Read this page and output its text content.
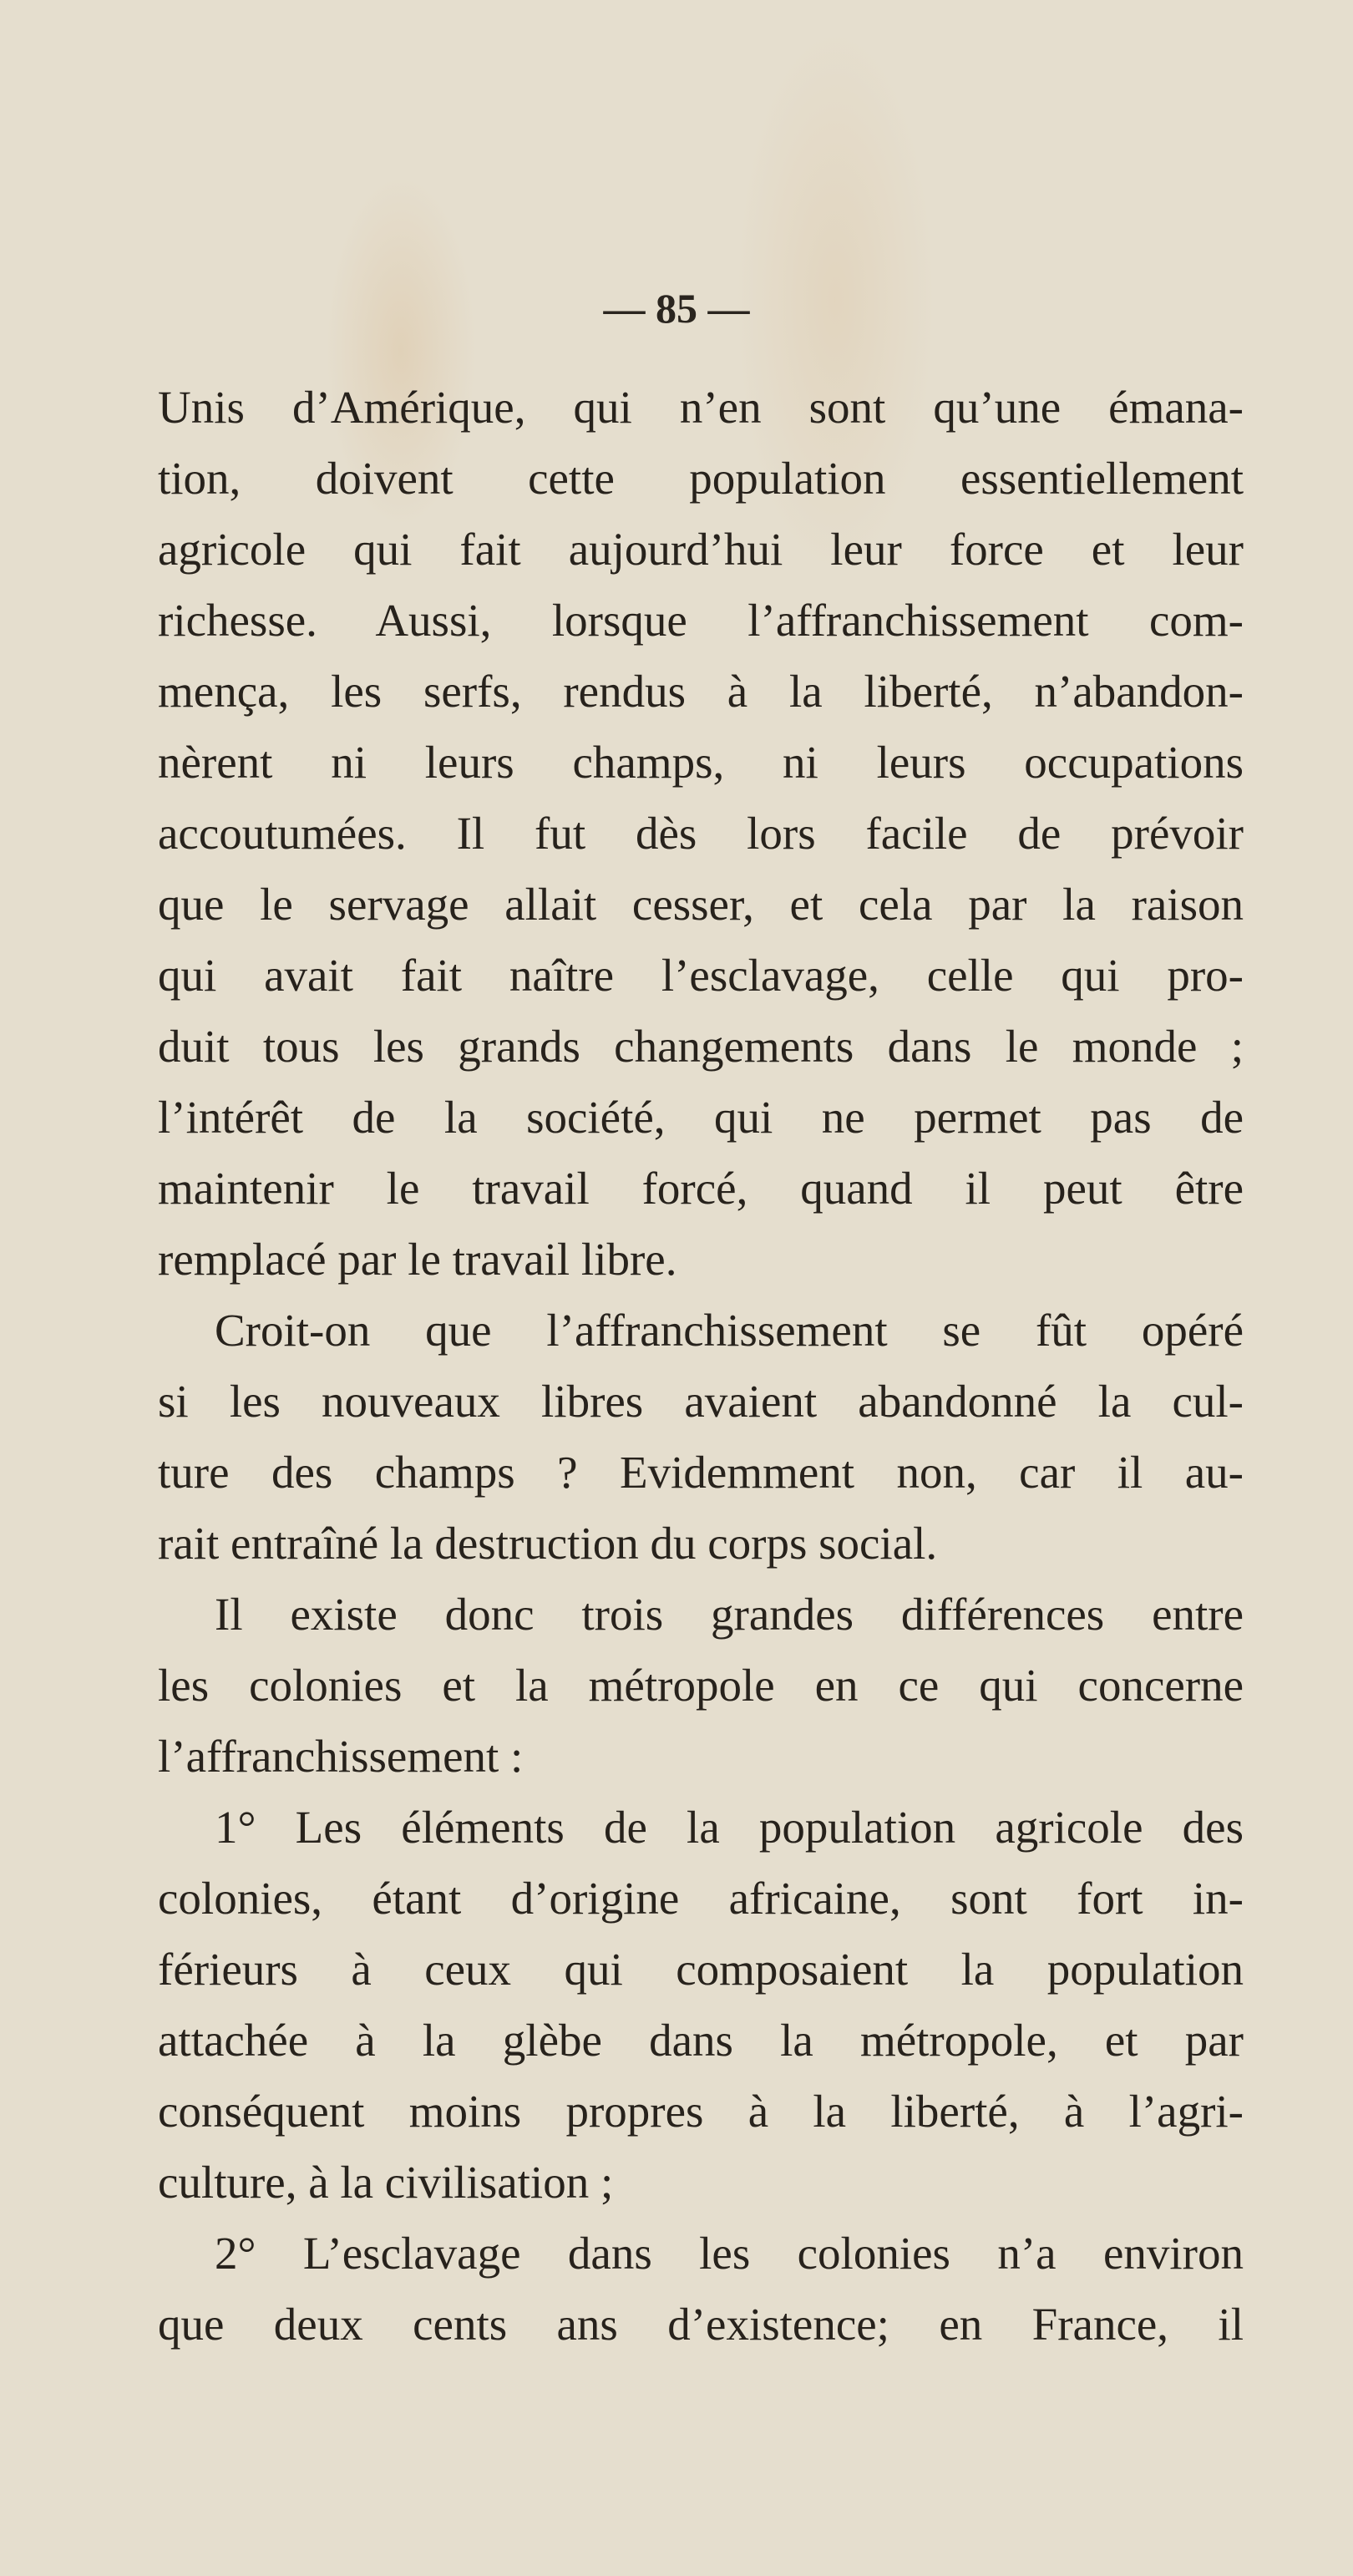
— 85 —
Unis d’Amérique, qui n’en sont qu’une émana-
tion, doivent cette population essentiellement
agricole qui fait aujourd’hui leur force et leur
richesse. Aussi, lorsque l’affranchissement com-
mença, les serfs, rendus à la liberté, n’abandon-
nèrent ni leurs champs, ni leurs occupations
accoutumées. Il fut dès lors facile de prévoir
que le servage allait cesser, et cela par la raison
qui avait fait naître l’esclavage, celle qui pro-
duit tous les grands changements dans le monde ;
l’intérêt de la société, qui ne permet pas de
maintenir le travail forcé, quand il peut être
remplacé par le travail libre.
Croit-on que l’affranchissement se fût opéré
si les nouveaux libres avaient abandonné la cul-
ture des champs ? Evidemment non, car il au-
rait entraîné la destruction du corps social.
Il existe donc trois grandes différences entre
les colonies et la métropole en ce qui concerne
l’affranchissement :
1° Les éléments de la population agricole des
colonies, étant d’origine africaine, sont fort in-
férieurs à ceux qui composaient la population
attachée à la glèbe dans la métropole, et par
conséquent moins propres à la liberté, à l’agri-
culture, à la civilisation ;
2° L’esclavage dans les colonies n’a environ
que deux cents ans d’existence; en France, il
